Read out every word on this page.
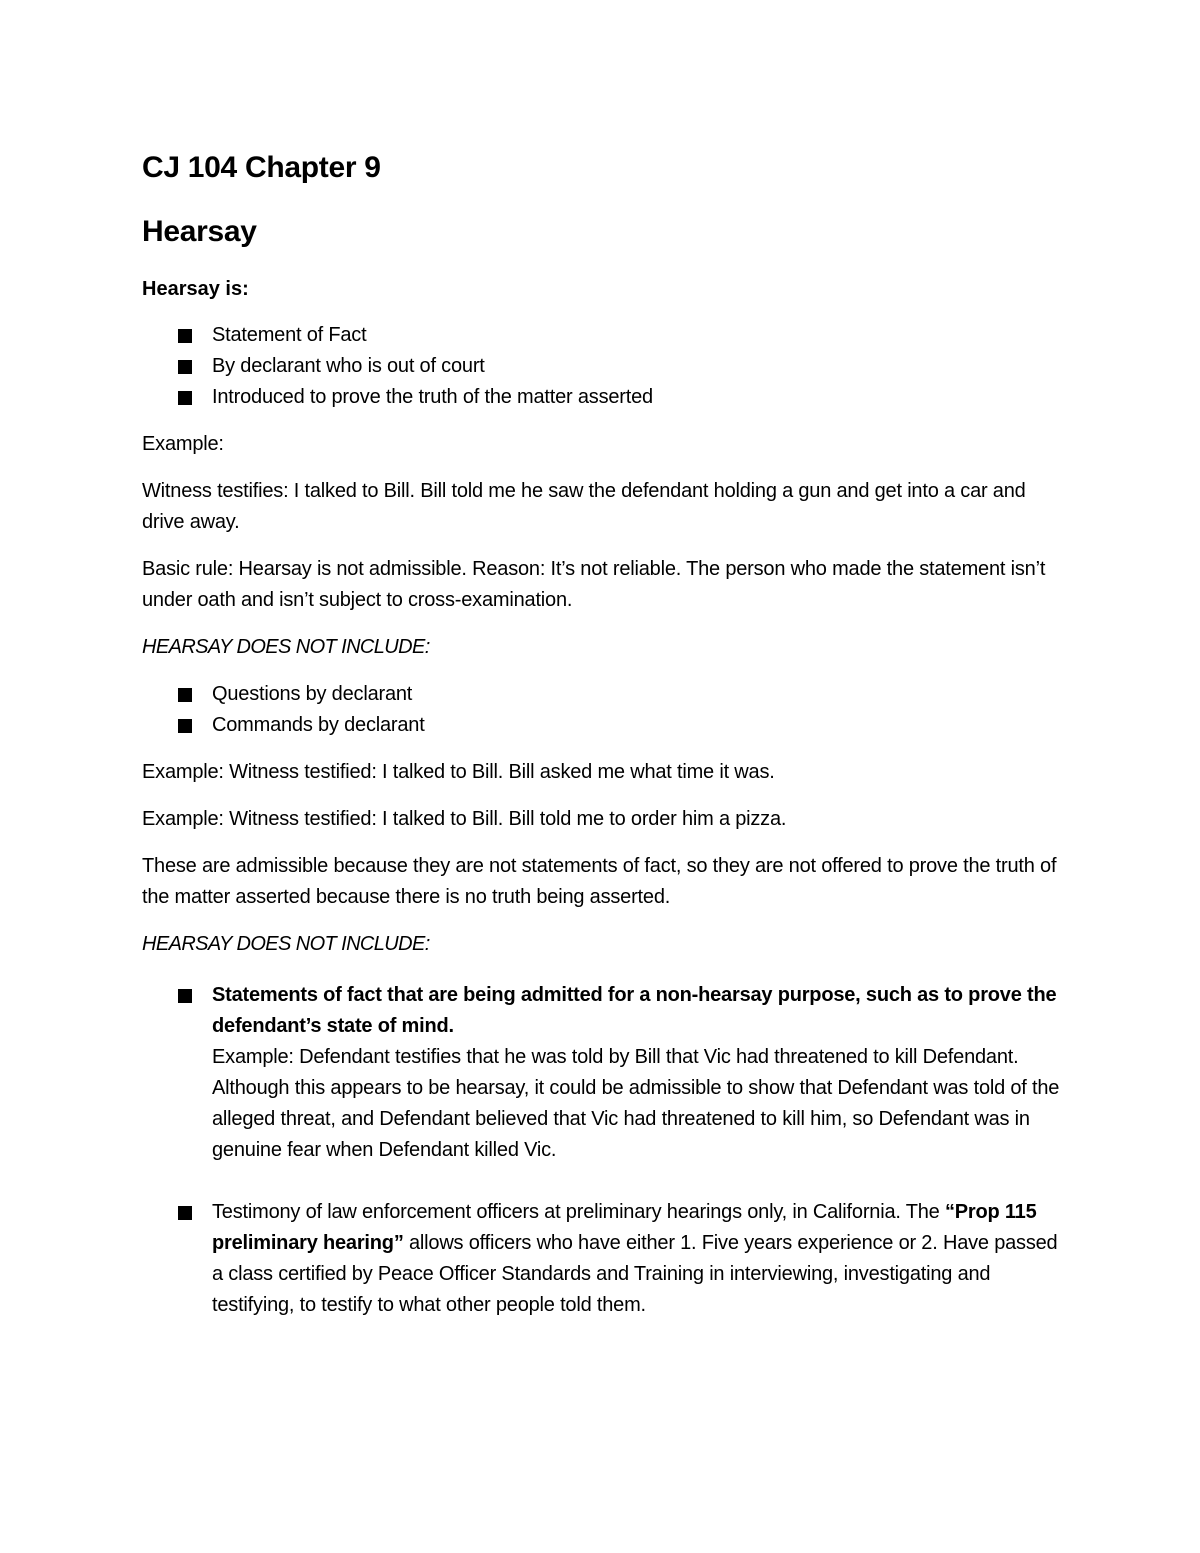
CJ 104 Chapter 9
Hearsay
Hearsay is:
Statement of Fact
By declarant who is out of court
Introduced to prove the truth of the matter asserted

Example:

Witness testifies: I talked to Bill. Bill told me he saw the defendant holding a gun and get into a car and drive away.

Basic rule: Hearsay is not admissible. Reason: It’s not reliable. The person who made the statement isn’t under oath and isn’t subject to cross-examination.

HEARSAY DOES NOT INCLUDE:

Questions by declarant
Commands by declarant

Example: Witness testified: I talked to Bill. Bill asked me what time it was.

Example: Witness testified: I talked to Bill. Bill told me to order him a pizza.

These are admissible because they are not statements of fact, so they are not offered to prove the truth of the matter asserted because there is no truth being asserted.

HEARSAY DOES NOT INCLUDE:

Statements of fact that are being admitted for a non-hearsay purpose, such as to prove the defendant’s state of mind.
Example: Defendant testifies that he was told by Bill that Vic had threatened to kill Defendant. Although this appears to be hearsay, it could be admissible to show that Defendant was told of the alleged threat, and Defendant believed that Vic had threatened to kill him, so Defendant was in genuine fear when Defendant killed Vic.
Testimony of law enforcement officers at preliminary hearings only, in California. The “Prop 115 preliminary hearing” allows officers who have either 1. Five years experience or 2. Have passed a class certified by Peace Officer Standards and Training in interviewing, investigating and testifying, to testify to what other people told them.
